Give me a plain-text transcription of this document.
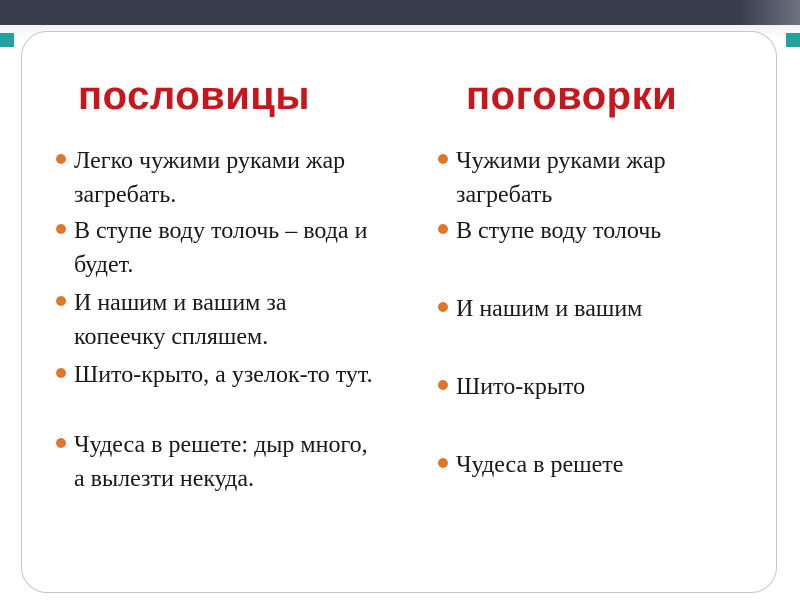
пословицы
Легко чужими руками жар загребать.
В ступе воду толочь – вода и будет.
И нашим и вашим за копеечку спляшем.
Шито-крыто, а узелок-то тут.
Чудеса в решете: дыр много, а вылезти некуда.
поговорки
Чужими руками жар загребать
В ступе воду толочь
И нашим и вашим
Шито-крыто
Чудеса в решете
